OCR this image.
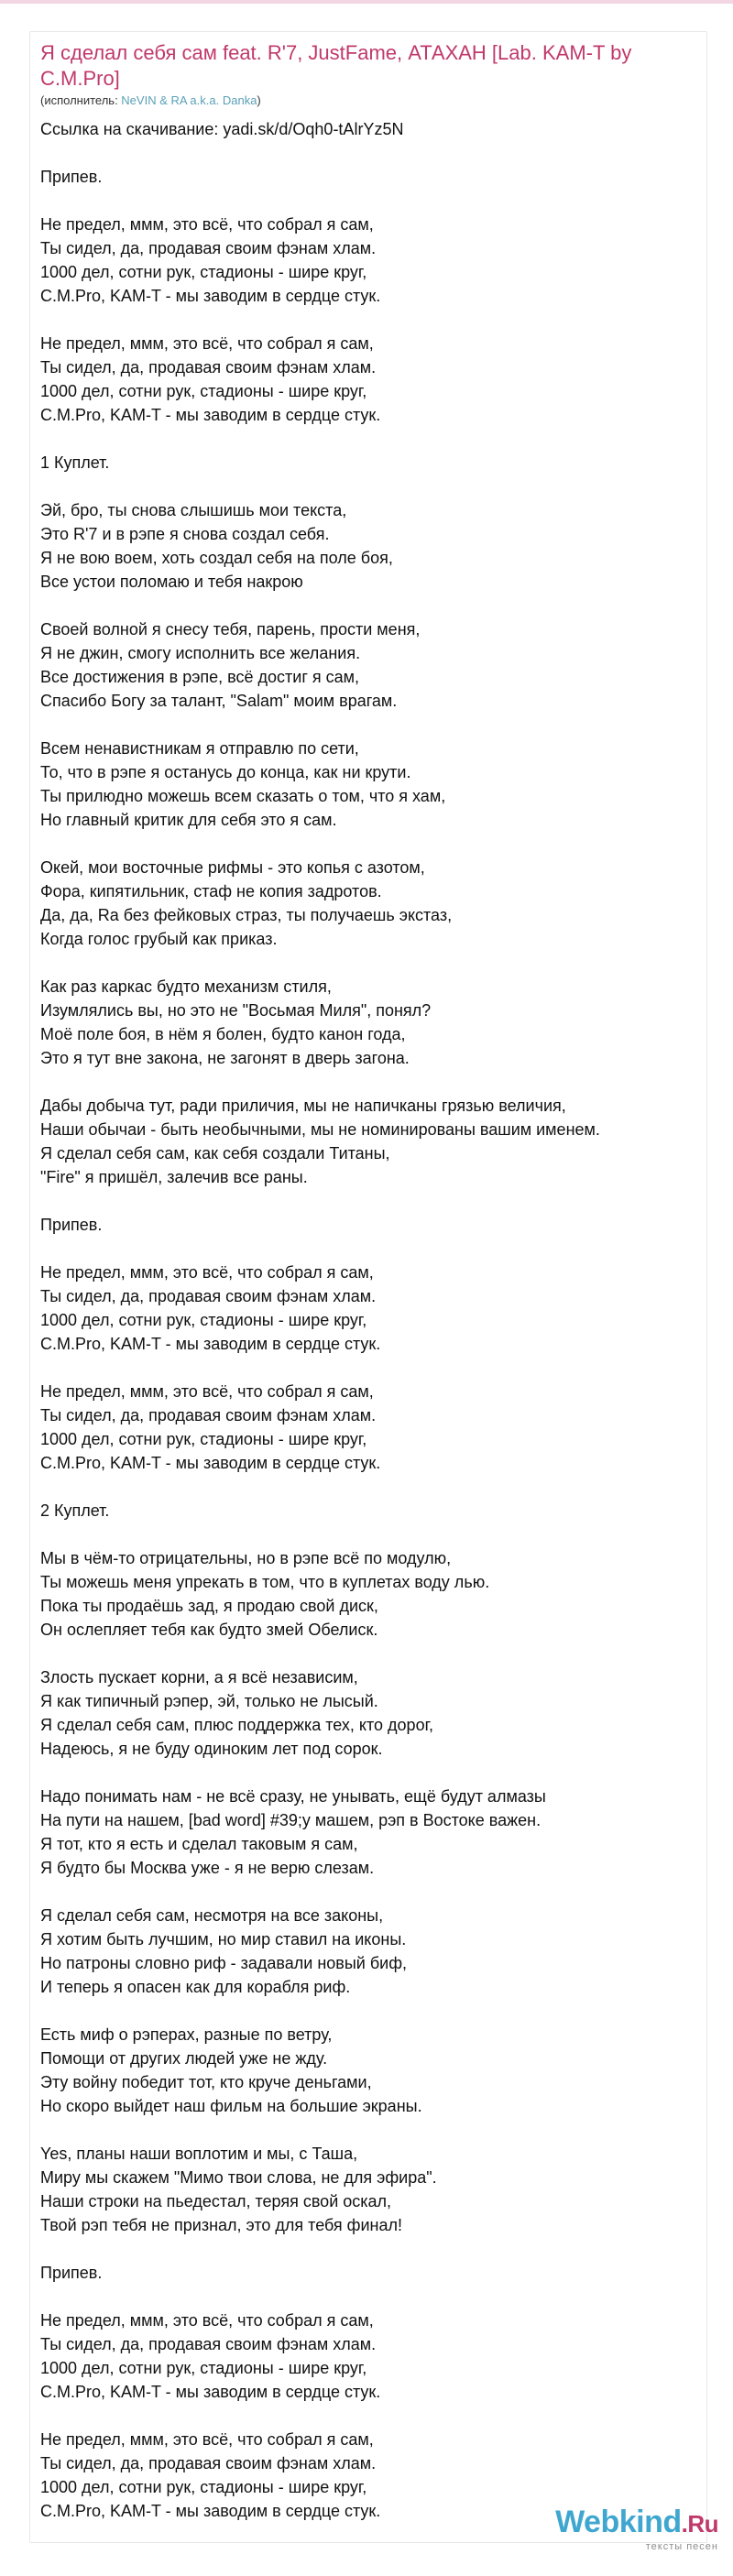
Я сделал себя сам feat. R'7, JustFame, АТАХАН [Lab. KAM-T by C.M.Pro]
(исполнитель: NeVIN & RA a.k.a. Danka)
Ссылка на скачивание: yadi.sk/d/Oqh0-tAlrYz5N
Припев.
Не предел, ммм, это всё, что собрал я сам,
Ты сидел, да, продавая своим фэнам хлам.
1000 дел, сотни рук, стадионы - шире круг,
C.M.Pro, KAM-T - мы заводим в сердце стук.
Не предел, ммм, это всё, что собрал я сам,
Ты сидел, да, продавая своим фэнам хлам.
1000 дел, сотни рук, стадионы - шире круг,
C.M.Pro, KAM-T - мы заводим в сердце стук.
1 Куплет.
Эй, бро, ты снова слышишь мои текста,
Это R'7 и в рэпе я снова создал себя.
Я не вою воем, хоть создал себя на поле боя,
Все устои поломаю и тебя накрою
Своей волной я снесу тебя, парень, прости меня,
Я не джин, смогу исполнить все желания.
Все достижения в рэпе, всё достиг я сам,
Спасибо Богу за талант, "Salam" моим врагам.
Всем ненавистникам я отправлю по сети,
То, что в рэпе я останусь до конца, как ни крути.
Ты прилюдно можешь всем сказать о том, что я хам,
Но главный критик для себя это я сам.
Окей, мои восточные рифмы - это копья с азотом,
Фора, кипятильник, стаф не копия задротов.
Да, да, Ra без фейковых страз, ты получаешь экстаз,
Когда голос грубый как приказ.
Как раз каркас будто механизм стиля,
Изумлялись вы, но это не "Восьмая Миля", понял?
Моё поле боя, в нём я болен, будто канон года,
Это я тут вне закона, не загонят в дверь загона.
Дабы добыча тут, ради приличия, мы не напичканы грязью величия,
Наши обычаи - быть необычными, мы не номинированы вашим именем.
Я сделал себя сам, как себя создали Титаны,
"Fire" я пришёл, залечив все раны.
Припев.
Не предел, ммм, это всё, что собрал я сам,
Ты сидел, да, продавая своим фэнам хлам.
1000 дел, сотни рук, стадионы - шире круг,
C.M.Pro, KAM-T - мы заводим в сердце стук.
Не предел, ммм, это всё, что собрал я сам,
Ты сидел, да, продавая своим фэнам хлам.
1000 дел, сотни рук, стадионы - шире круг,
C.M.Pro, KAM-T - мы заводим в сердце стук.
2 Куплет.
Мы в чём-то отрицательны, но в рэпе всё по модулю,
Ты можешь меня упрекать в том, что в куплетах воду лью.
Пока ты продаёшь зад, я продаю свой диск,
Он ослепляет тебя как будто змей Обелиск.
Злость пускает корни, а я всё независим,
Я как типичный рэпер, эй, только не лысый.
Я сделал себя сам, плюс поддержка тех, кто дорог,
Надеюсь, я не буду одиноким лет под сорок.
Надо понимать нам - не всё сразу, не унывать, ещё будут алмазы
На пути на нашем, [bad word] #39;у машем, рэп в Востоке важен.
Я тот, кто я есть и сделал таковым я сам,
Я будто бы Москва уже - я не верю слезам.
Я сделал себя сам, несмотря на все законы,
Я хотим быть лучшим, но мир ставил на иконы.
Но патроны словно риф - задавали новый биф,
И теперь я опасен как для корабля риф.
Есть миф о рэперах, разные по ветру,
Помощи от других людей уже не жду.
Эту войну победит тот, кто круче деньгами,
Но скоро выйдет наш фильм на большие экраны.
Yes, планы наши воплотим и мы, с Таша,
Миру мы скажем "Мимо твои слова, не для эфира".
Наши строки на пьедестал, теряя свой оскал,
Твой рэп тебя не признал, это для тебя финал!
Припев.
Не предел, ммм, это всё, что собрал я сам,
Ты сидел, да, продавая своим фэнам хлам.
1000 дел, сотни рук, стадионы - шире круг,
C.M.Pro, KAM-T - мы заводим в сердце стук.
Не предел, ммм, это всё, что собрал я сам,
Ты сидел, да, продавая своим фэнам хлам.
1000 дел, сотни рук, стадионы - шире круг,
C.M.Pro, KAM-T - мы заводим в сердце стук.	Webkind.Ru
тексты песен
